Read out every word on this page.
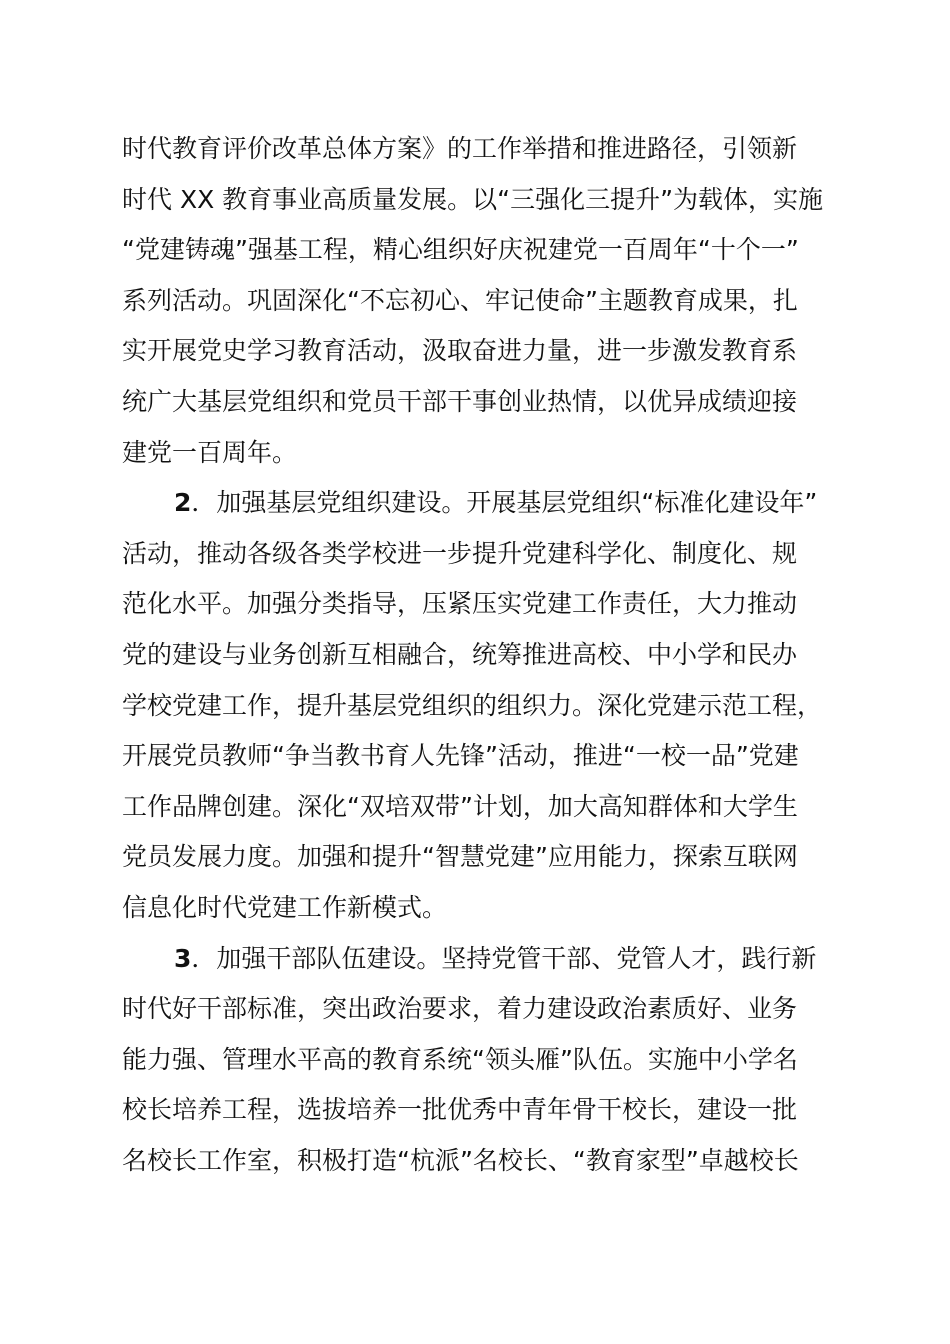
时代教育评价改革总体方案》的工作举措和推进路径，引领新
时代 XX 教育事业高质量发展。以“三强化三提升”为载体，实施
“党建铸魂”强基工程，精心组织好庆祝建党一百周年“十个一”
系列活动。巩固深化“不忘初心、牢记使命”主题教育成果，扎
实开展党史学习教育活动，汲取奋进力量，进一步激发教育系
统广大基层党组织和党员干部干事创业热情，以优异成绩迎接
建党一百周年。
2．加强基层党组织建设。开展基层党组织“标准化建设年”
活动，推动各级各类学校进一步提升党建科学化、制度化、规
范化水平。加强分类指导，压紧压实党建工作责任，大力推动
党的建设与业务创新互相融合，统筹推进高校、中小学和民办
学校党建工作，提升基层党组织的组织力。深化党建示范工程，
开展党员教师“争当教书育人先锋”活动，推进“一校一品”党建
工作品牌创建。深化“双培双带”计划，加大高知群体和大学生
党员发展力度。加强和提升“智慧党建”应用能力，探索互联网
信息化时代党建工作新模式。
3．加强干部队伍建设。坚持党管干部、党管人才，践行新
时代好干部标准，突出政治要求，着力建设政治素质好、业务
能力强、管理水平高的教育系统“领头雁”队伍。实施中小学名
校长培养工程，选拔培养一批优秀中青年骨干校长，建设一批
名校长工作室，积极打造“杭派”名校长、“教育家型”卓越校长
